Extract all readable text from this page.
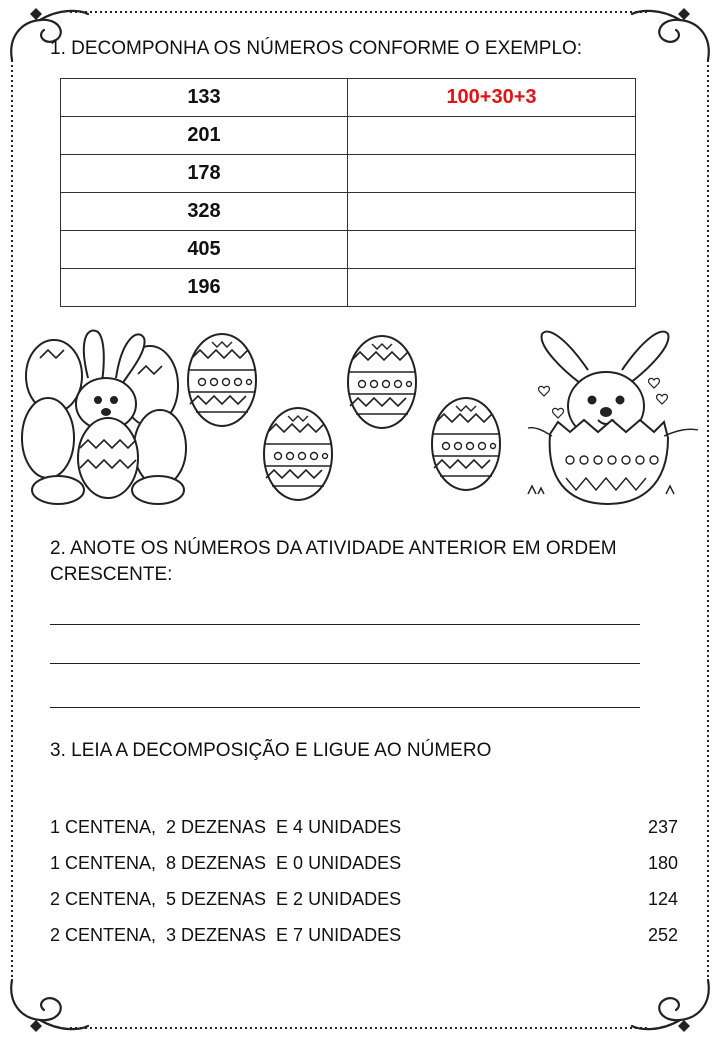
1. DECOMPONHA OS NÚMEROS CONFORME O EXEMPLO:
133	100+30+3
201	
178	
328	
405	
196	
2. ANOTE OS NÚMEROS DA ATIVIDADE ANTERIOR EM ORDEM CRESCENTE:
3. LEIA A DECOMPOSIÇÃO E LIGUE AO NÚMERO
1 CENTENA,  2 DEZENAS  E 4 UNIDADES	237
1 CENTENA,  8 DEZENAS  E 0 UNIDADES	180
2 CENTENA,  5 DEZENAS  E 2 UNIDADES	124
2 CENTENA,  3 DEZENAS  E 7 UNIDADES	252
